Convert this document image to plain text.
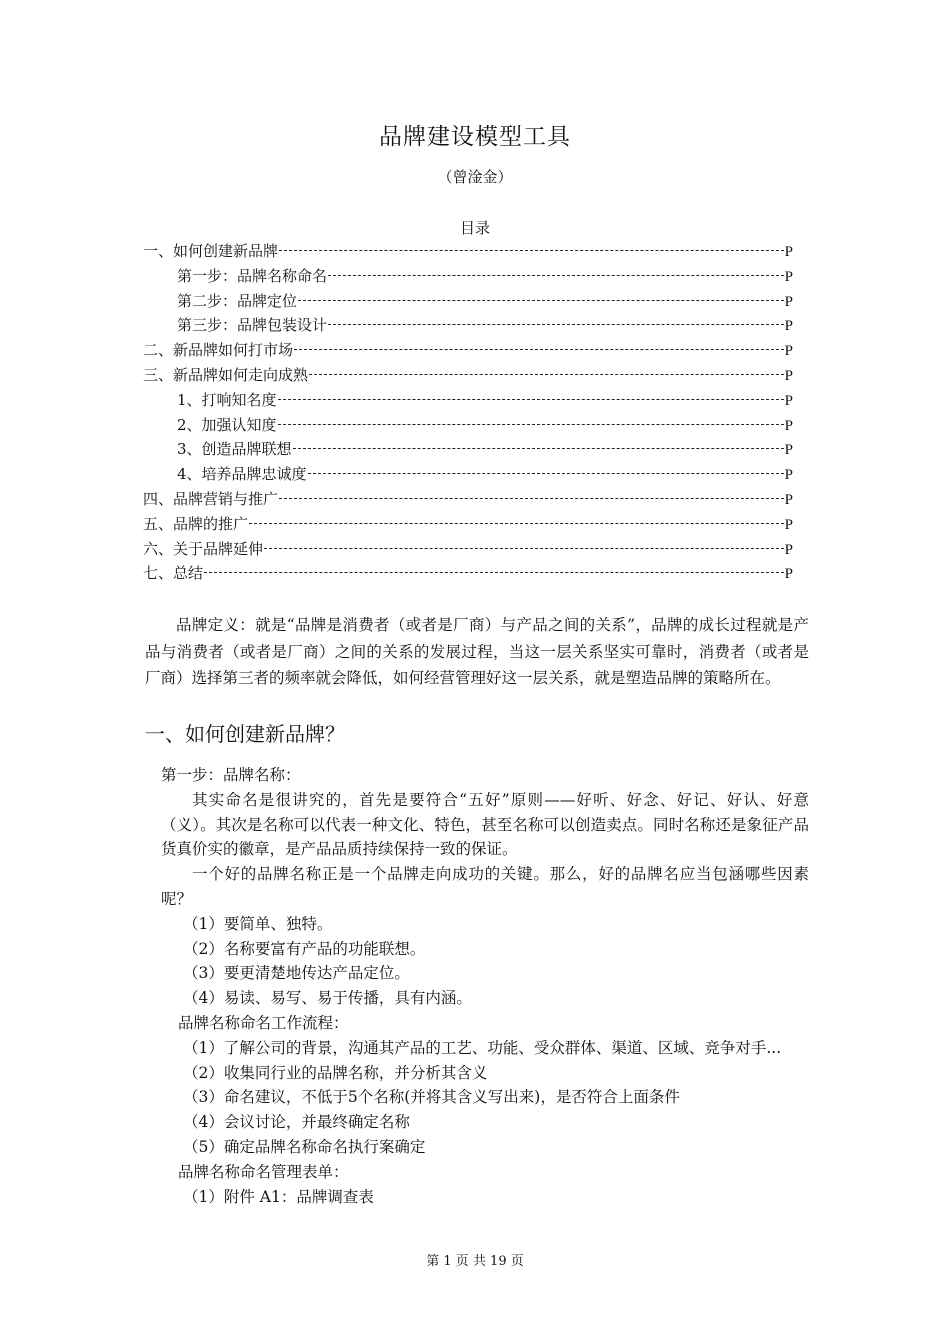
品牌建设模型工具
（曾淦金）
目录
一、如何创建新品牌	P
第一步：品牌名称命名	P
第二步：品牌定位	P
第三步：品牌包装设计	P
二、新品牌如何打市场	P
三、新品牌如何走向成熟	P
1、打响知名度	P
2、加强认知度	P
3、创造品牌联想	P
4、培养品牌忠诚度	P
四、品牌营销与推广	P
五、品牌的推广	P
六、关于品牌延伸	P
七、总结	P
品牌定义：就是“品牌是消费者（或者是厂商）与产品之间的关系”，品牌的成长过程就是产品与消费者（或者是厂商）之间的关系的发展过程，当这一层关系坚实可靠时，消费者（或者是厂商）选择第三者的频率就会降低，如何经营管理好这一层关系，就是塑造品牌的策略所在。
一、如何创建新品牌？
第一步：品牌名称：
其实命名是很讲究的，首先是要符合“五好”原则——好听、好念、好记、好认、好意（义）。其次是名称可以代表一种文化、特色，甚至名称可以创造卖点。同时名称还是象征产品货真价实的徽章，是产品品质持续保持一致的保证。
一个好的品牌名称正是一个品牌走向成功的关键。那么，好的品牌名应当包涵哪些因素呢？
（1）要简单、独特。
（2）名称要富有产品的功能联想。
（3）要更清楚地传达产品定位。
（4）易读、易写、易于传播，具有内涵。
品牌名称命名工作流程：
（1）了解公司的背景，沟通其产品的工艺、功能、受众群体、渠道、区域、竞争对手...
（2）收集同行业的品牌名称，并分析其含义
（3）命名建议，不低于5个名称(并将其含义写出来)，是否符合上面条件
（4）会议讨论，并最终确定名称
（5）确定品牌名称命名执行案确定
品牌名称命名管理表单：
（1）附件 A1：品牌调查表
第 1 页 共 19 页
